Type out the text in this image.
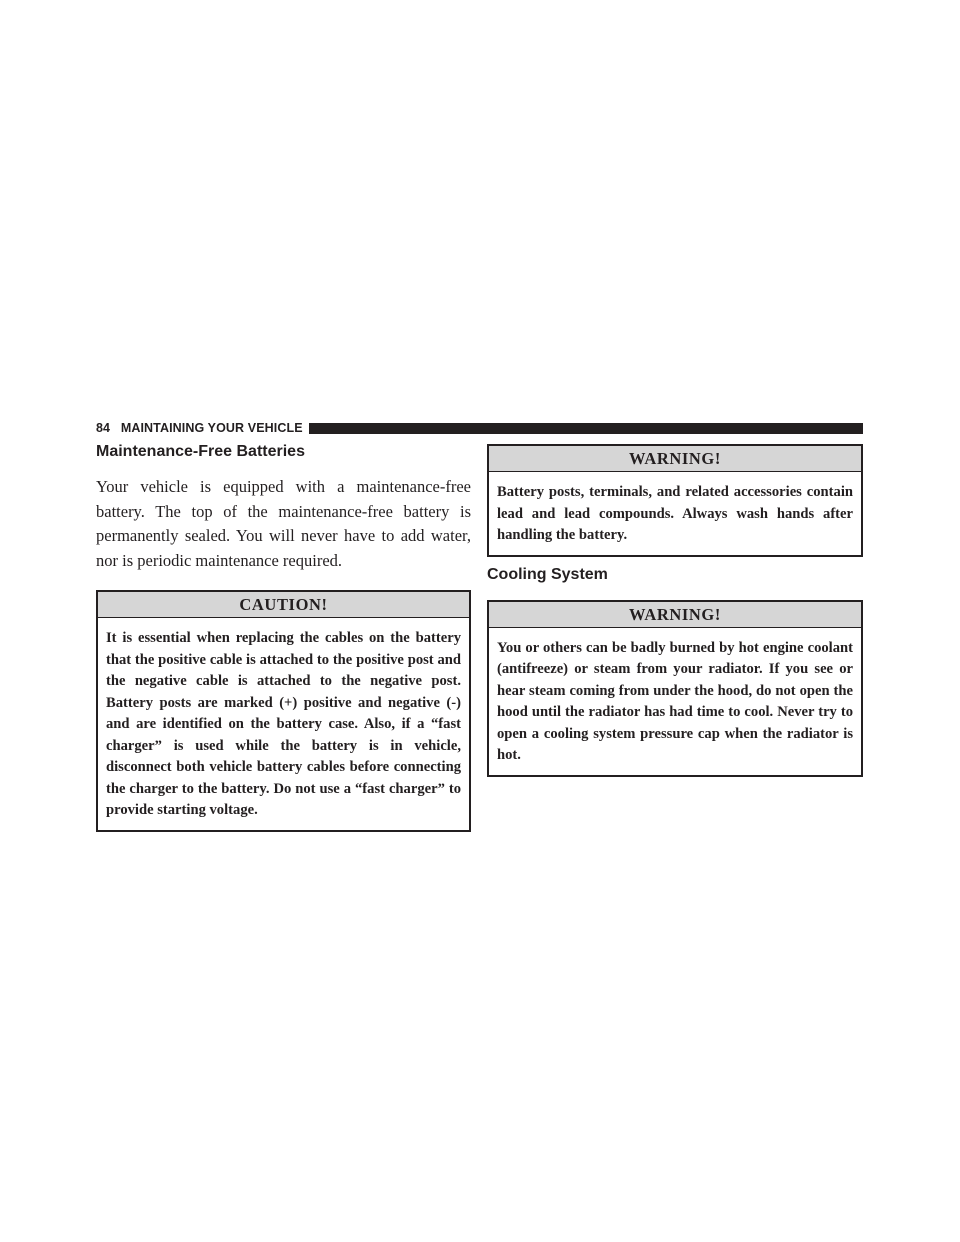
84 MAINTAINING YOUR VEHICLE
Maintenance-Free Batteries

Your vehicle is equipped with a maintenance-free battery. The top of the maintenance-free battery is permanently sealed. You will never have to add water, nor is periodic maintenance required.

CAUTION!
It is essential when replacing the cables on the battery that the positive cable is attached to the positive post and the negative cable is attached to the negative post. Battery posts are marked (+) positive and negative (-) and are identified on the battery case. Also, if a “fast charger” is used while the battery is in vehicle, disconnect both vehicle battery cables before connecting the charger to the battery. Do not use a “fast charger” to provide starting voltage.
WARNING!
Battery posts, terminals, and related accessories contain lead and lead compounds. Always wash hands after handling the battery.
Cooling System
WARNING!
You or others can be badly burned by hot engine coolant (antifreeze) or steam from your radiator. If you see or hear steam coming from under the hood, do not open the hood until the radiator has had time to cool. Never try to open a cooling system pressure cap when the radiator is hot.
